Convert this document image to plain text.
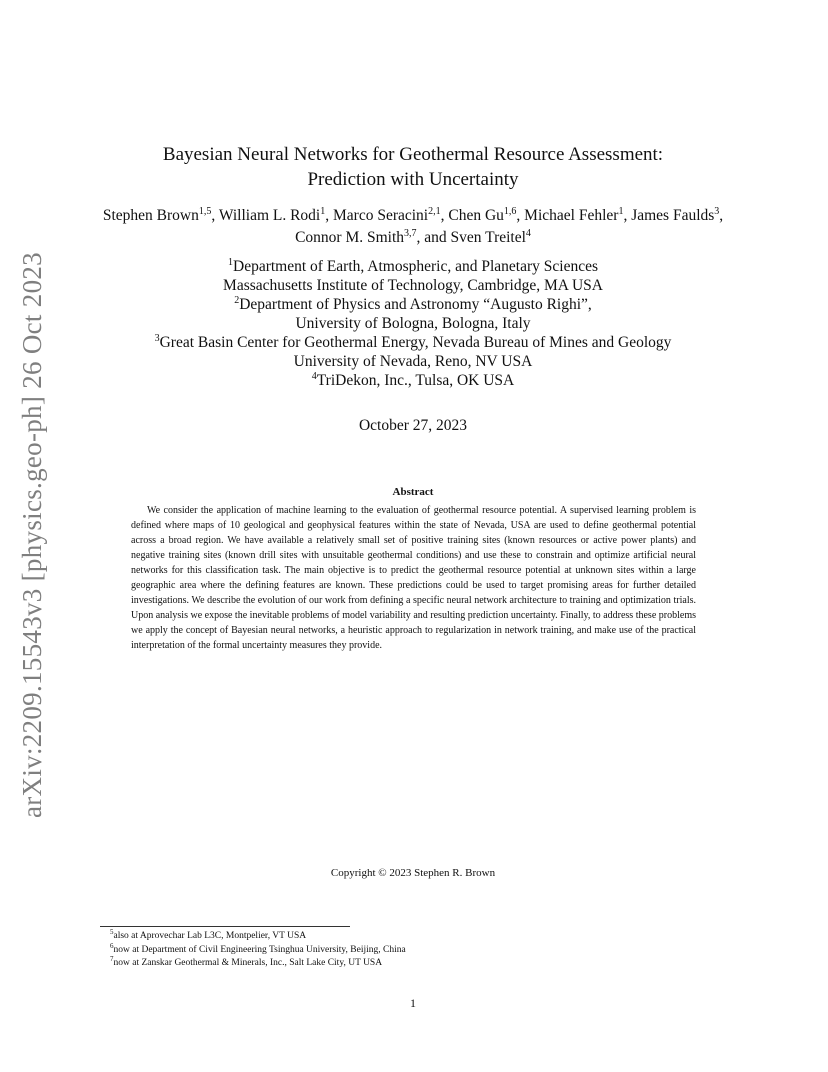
arXiv:2209.15543v3 [physics.geo-ph] 26 Oct 2023
Bayesian Neural Networks for Geothermal Resource Assessment:
Prediction with Uncertainty
Stephen Brown$^{1,5}$, William L. Rodi$^1$, Marco Seracini$^{2,1}$, Chen Gu$^{1,6}$, Michael Fehler$^1$, James Faulds$^3$, Connor M. Smith$^{3,7}$, and Sven Treitel$^4$
$^1$Department of Earth, Atmospheric, and Planetary Sciences
Massachusetts Institute of Technology, Cambridge, MA USA
$^2$Department of Physics and Astronomy “Augusto Righi”,
University of Bologna, Bologna, Italy
$^3$Great Basin Center for Geothermal Energy, Nevada Bureau of Mines and Geology
University of Nevada, Reno, NV USA
$^4$TriDekon, Inc., Tulsa, OK USA
October 27, 2023
Abstract
We consider the application of machine learning to the evaluation of geothermal resource potential. A supervised learning problem is defined where maps of 10 geological and geophysical features within the state of Nevada, USA are used to define geothermal potential across a broad region. We have available a relatively small set of positive training sites (known resources or active power plants) and negative training sites (known drill sites with unsuitable geothermal conditions) and use these to constrain and optimize artificial neural networks for this classification task. The main objective is to predict the geothermal resource potential at unknown sites within a large geographic area where the defining features are known. These predictions could be used to target promising areas for further detailed investigations. We describe the evolution of our work from defining a specific neural network architecture to training and optimization trials. Upon analysis we expose the inevitable problems of model variability and resulting prediction uncertainty. Finally, to address these problems we apply the concept of Bayesian neural networks, a heuristic approach to regularization in network training, and make use of the practical interpretation of the formal uncertainty measures they provide.
Copyright © 2023 Stephen R. Brown
$^5$also at Aprovechar Lab L3C, Montpelier, VT USA
$^6$now at Department of Civil Engineering Tsinghua University, Beijing, China
$^7$now at Zanskar Geothermal & Minerals, Inc., Salt Lake City, UT USA
1
